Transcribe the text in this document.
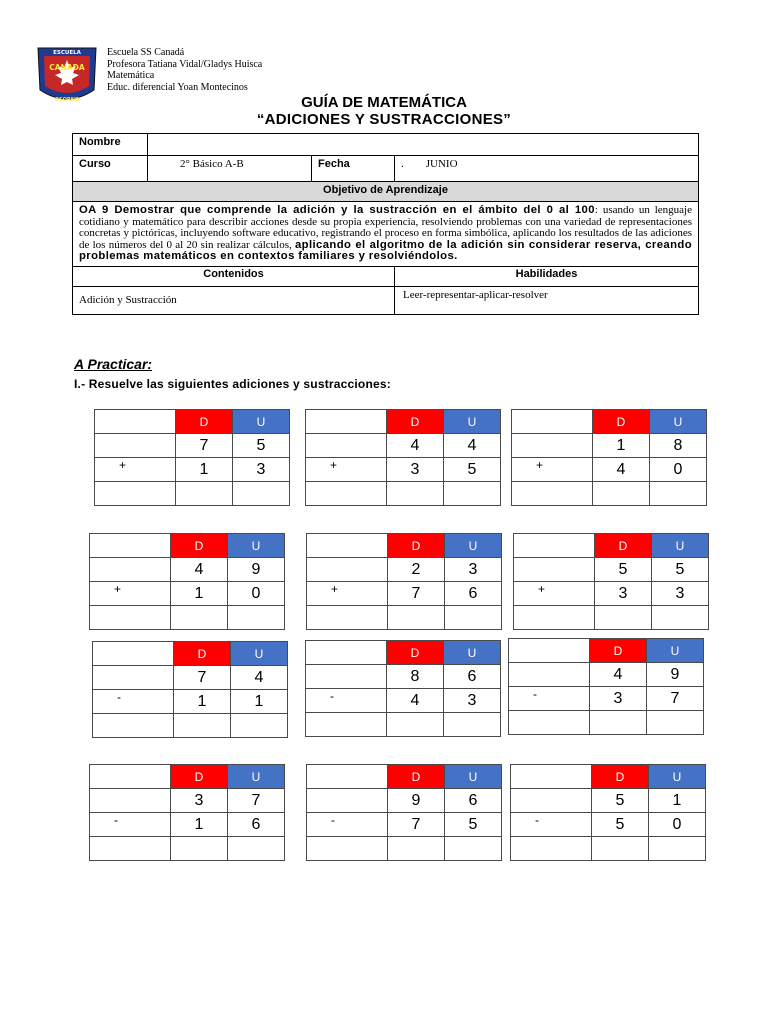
ESCUELA
CANADA
OSORNO
Escuela SS Canadá
Profesora Tatiana Vidal/Gladys Huisca
Matemática
Educ. diferencial Yoan Montecinos
GUÍA DE MATEMÁTICA
“ADICIONES Y SUSTRACCIONES”
Nombre			
Curso	2° Básico A-B	Fecha	. JUNIO
Objetivo de Aprendizaje			
OA 9 Demostrar que comprende la adición y la sustracción en el ámbito del 0 al 100: usando un lenguaje cotidiano y matemático para describir acciones desde su propia experiencia, resolviendo problemas con una variedad de representaciones concretas y pictóricas, incluyendo software educativo, registrando el proceso en forma simbólica, aplicando los resultados de las adiciones de los números del 0 al 20 sin realizar cálculos, aplicando el algoritmo de la adición sin considerar reserva, creando problemas matemáticos en contextos familiares y resolviéndolos.			
Contenidos			Habilidades
Adición y Sustracción			Leer-representar-aplicar-resolver
A Practicar:
I.- Resuelve las siguientes adiciones y sustracciones:
	D	U
	7	5
+	1	3

	D	U
	4	4
+	3	5

	D	U
	1	8
+	4	0

	D	U
	4	9
+	1	0

	D	U
	2	3
+	7	6

	D	U
	5	5
+	3	3

	D	U
	7	4
-	1	1

	D	U
	8	6
-	4	3

	D	U
	4	9
-	3	7

	D	U
	3	7
-	1	6

	D	U
	9	6
-	7	5

	D	U
	5	1
-	5	0
